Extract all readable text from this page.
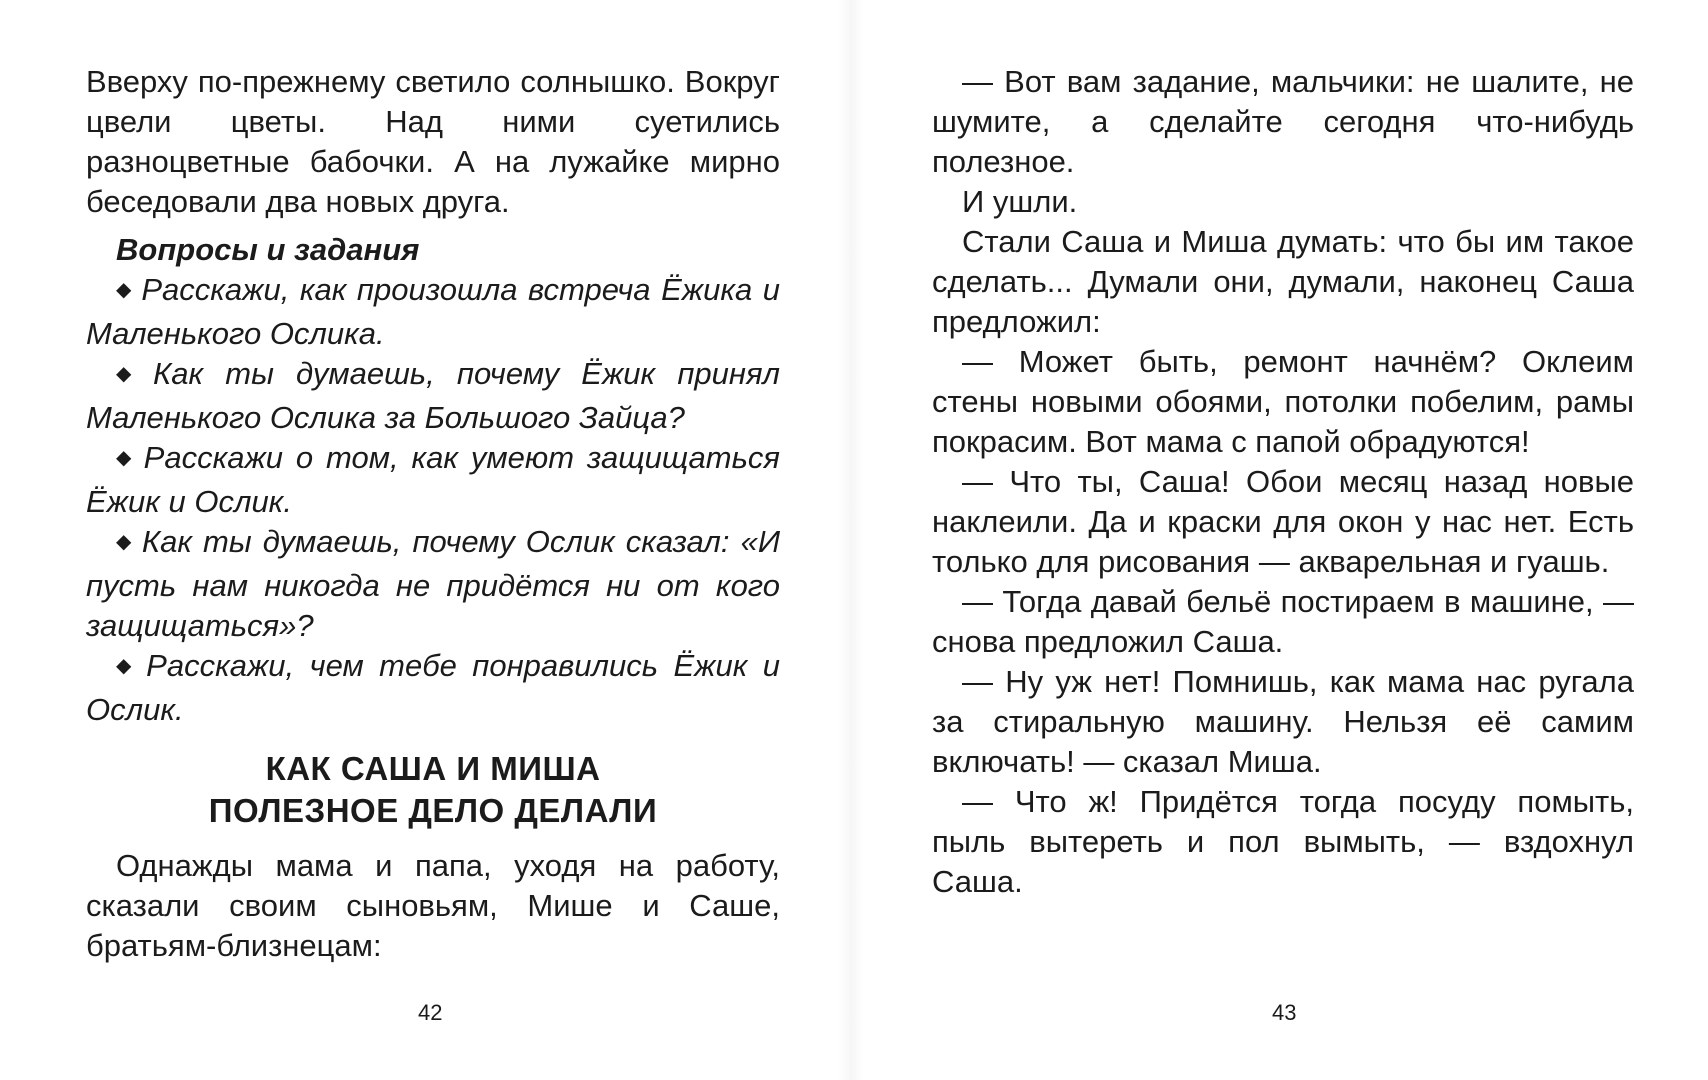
Вверху по-прежнему светило солнышко. Вокруг цвели цветы. Над ними суетились разноцветные бабочки. А на лужайке мирно беседовали два новых друга.

Вопросы и задания

◆ Расскажи, как произошла встреча Ёжика и Маленького Ослика.

◆ Как ты думаешь, почему Ёжик принял Маленького Ослика за Большого Зайца?

◆ Расскажи о том, как умеют защищаться Ёжик и Ослик.

◆ Как ты думаешь, почему Ослик сказал: «И пусть нам никогда не придётся ни от кого защищаться»?

◆ Расскажи, чем тебе понравились Ёжик и Ослик.

КАК САША И МИША
ПОЛЕЗНОЕ ДЕЛО ДЕЛАЛИ

Однажды мама и папа, уходя на работу, сказали своим сыновьям, Мише и Саше, братьям-близнецам:

42

— Вот вам задание, мальчики: не шалите, не шумите, а сделайте сегодня что-нибудь полезное.

И ушли.

Стали Саша и Миша думать: что бы им такое сделать... Думали они, думали, наконец Саша предложил:

— Может быть, ремонт начнём? Оклеим стены новыми обоями, потолки побелим, рамы покрасим. Вот мама с папой обрадуются!

— Что ты, Саша! Обои месяц назад новые наклеили. Да и краски для окон у нас нет. Есть только для рисования — акварельная и гуашь.

— Тогда давай бельё постираем в машине, — снова предложил Саша.

— Ну уж нет! Помнишь, как мама нас ругала за стиральную машину. Нельзя её самим включать! — сказал Миша.

— Что ж! Придётся тогда посуду помыть, пыль вытереть и пол вымыть, — вздохнул Саша.

43
